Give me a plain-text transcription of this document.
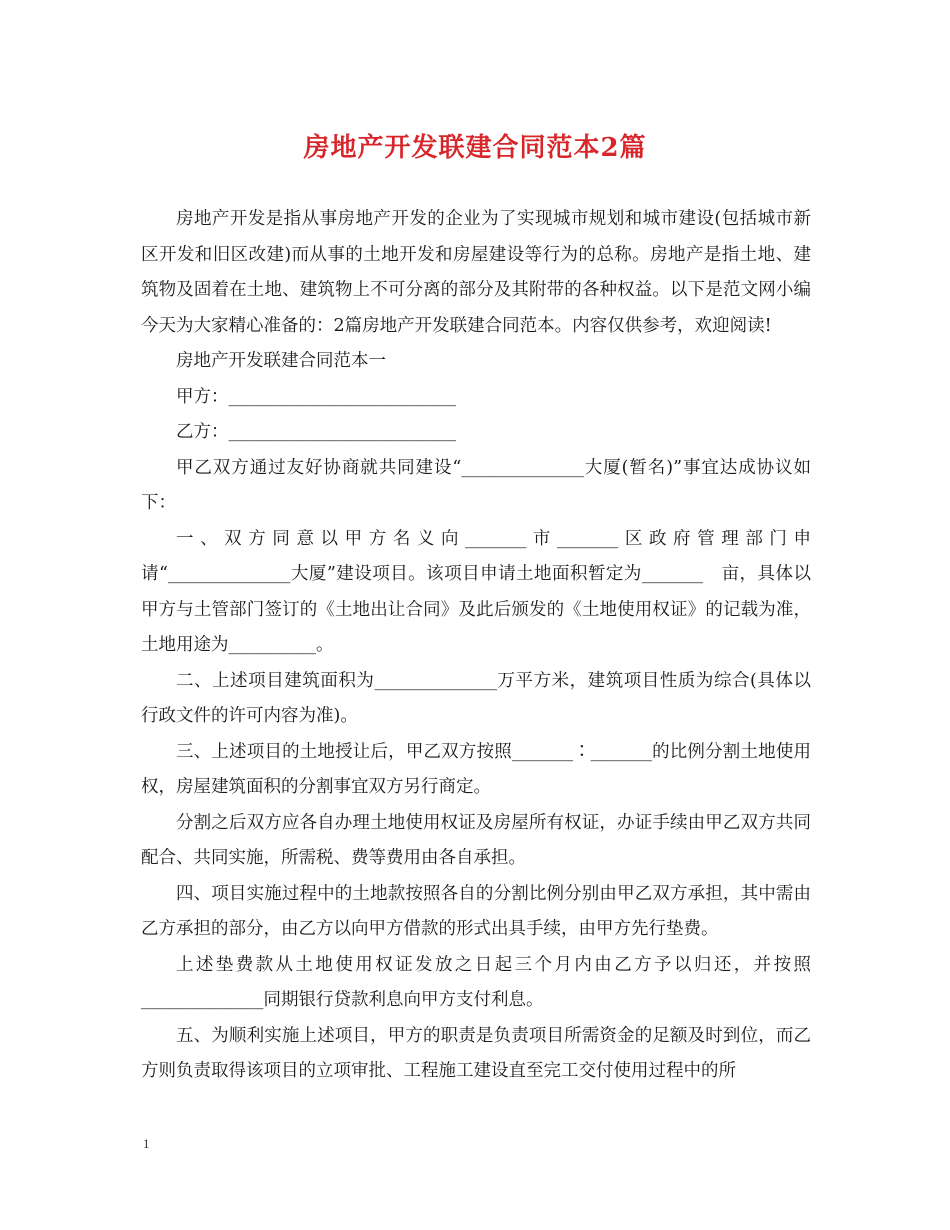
房地产开发联建合同范本2篇

房地产开发是指从事房地产开发的企业为了实现城市规划和城市建设(包括城市新区开发和旧区改建)而从事的土地开发和房屋建设等行为的总称。房地产是指土地、建筑物及固着在土地、建筑物上不可分离的部分及其附带的各种权益。以下是范文网小编今天为大家精心准备的：2篇房地产开发联建合同范本。内容仅供参考，欢迎阅读!

房地产开发联建合同范本一

甲方：__________________________

乙方：__________________________

甲乙双方通过友好协商就共同建设“______________大厦(暂名)”事宜达成协议如下：

一、双方同意以甲方名义向_______市_______区政府管理部门申请“______________大厦”建设项目。该项目申请土地面积暂定为_______　亩，具体以甲方与土管部门签订的《土地出让合同》及此后颁发的《土地使用权证》的记载为准，土地用途为__________。

二、上述项目建筑面积为______________万平方米，建筑项目性质为综合(具体以行政文件的许可内容为准)。

三、上述项目的土地授让后，甲乙双方按照_______∶_______的比例分割土地使用权，房屋建筑面积的分割事宜双方另行商定。

分割之后双方应各自办理土地使用权证及房屋所有权证，办证手续由甲乙双方共同配合、共同实施，所需税、费等费用由各自承担。

四、项目实施过程中的土地款按照各自的分割比例分别由甲乙双方承担，其中需由乙方承担的部分，由乙方以向甲方借款的形式出具手续，由甲方先行垫费。

上述垫费款从土地使用权证发放之日起三个月内由乙方予以归还，并按照______________同期银行贷款利息向甲方支付利息。

五、为顺利实施上述项目，甲方的职责是负责项目所需资金的足额及时到位，而乙方则负责取得该项目的立项审批、工程施工建设直至完工交付使用过程中的所

1
